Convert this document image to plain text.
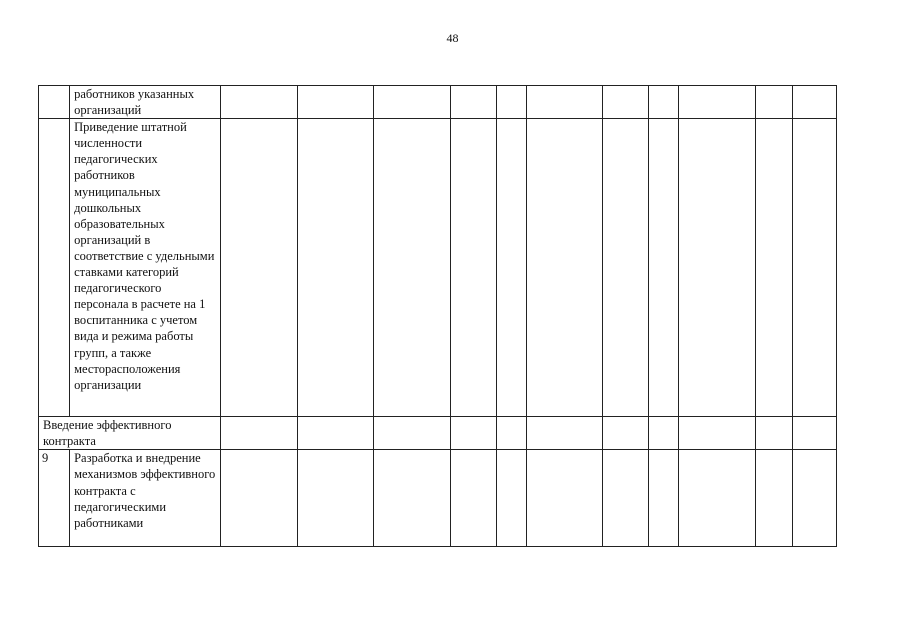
48
	работников указанных организаций											
	Приведение штатной численности педагогических работников муниципальных дошкольных образовательных организаций в соответствие с удельными ставками категорий педагогического персонала в расчете на 1 воспитанника с учетом вида и режима работы групп, а также месторасположения организации											
Введение эффективного контракта												
9	Разработка и внедрение механизмов эффективного контракта с педагогическими работниками											
